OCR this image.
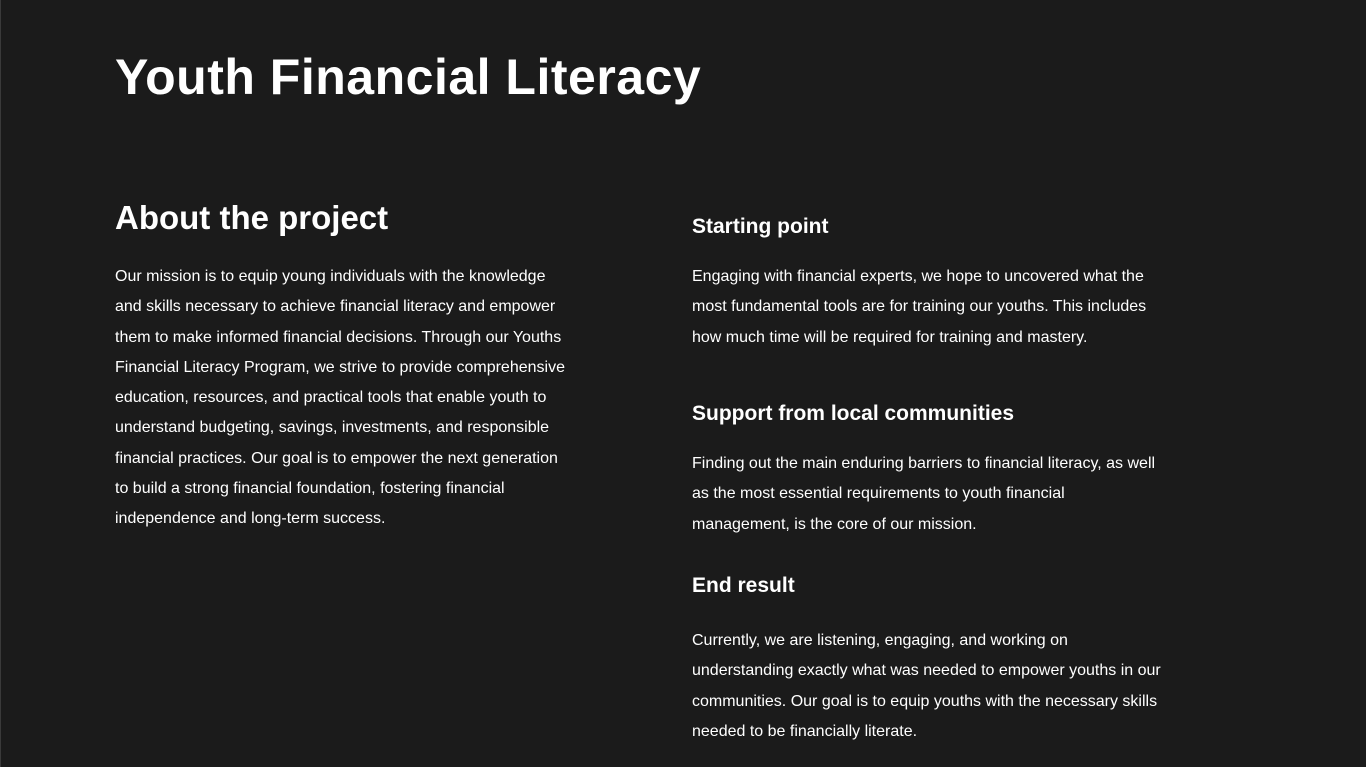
Youth Financial Literacy
About the project

Our mission is to equip young individuals with the knowledge and skills necessary to achieve financial literacy and empower them to make informed financial decisions. Through our Youths Financial Literacy Program, we strive to provide comprehensive education, resources, and practical tools that enable youth to understand budgeting, savings, investments, and responsible financial practices. Our goal is to empower the next generation to build a strong financial foundation, fostering financial independence and long-term success.

Starting point

Engaging with financial experts, we hope to uncovered what the most fundamental tools are for training our youths. This includes how much time will be required for training and mastery.

Support from local communities

Finding out the main enduring barriers to financial literacy, as well as the most essential requirements to youth financial management, is the core of our mission.

End result

Currently, we are listening, engaging, and working on understanding exactly what was needed to empower youths in our communities. Our goal is to equip youths with the necessary skills needed to be financially literate.
